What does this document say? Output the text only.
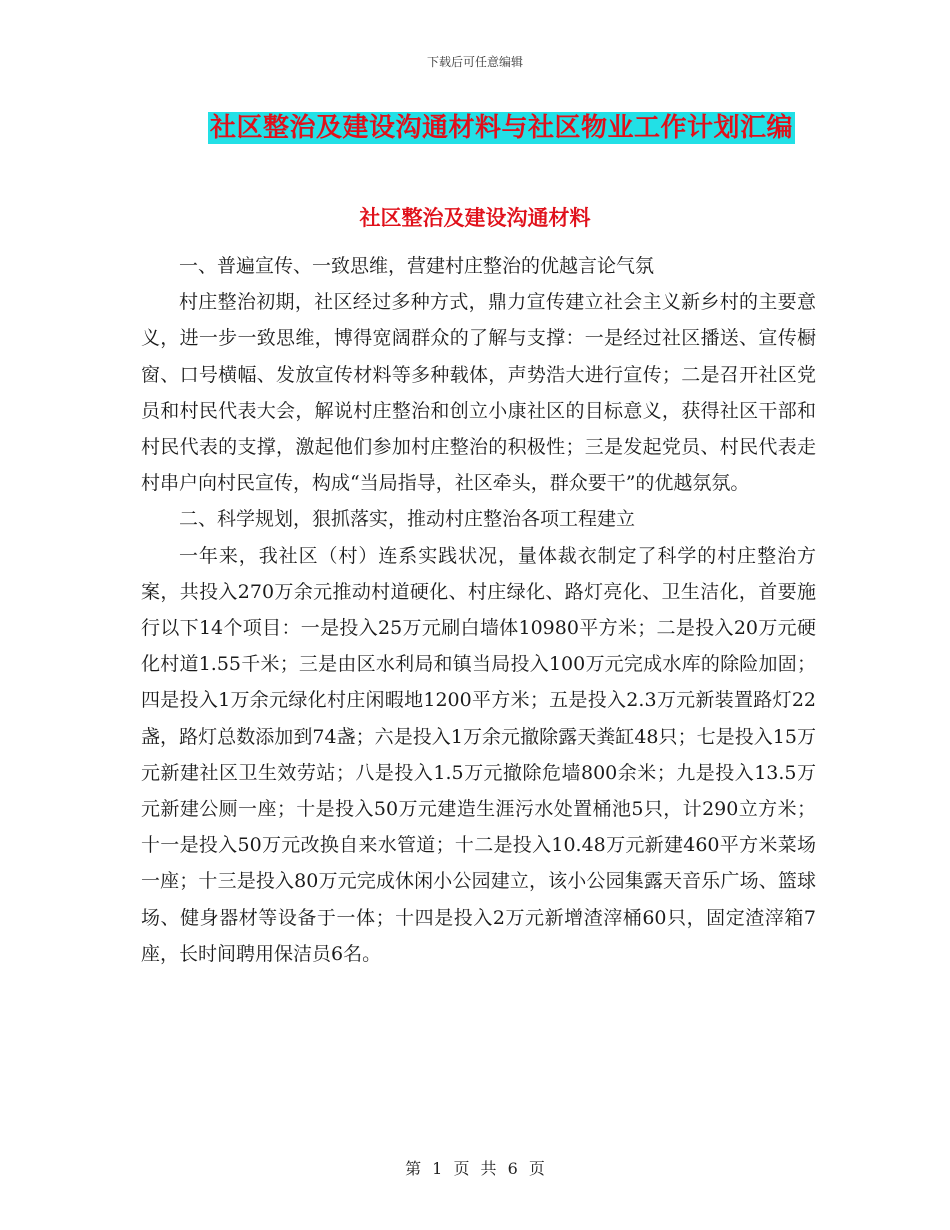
下载后可任意编辑
社区整治及建设沟通材料与社区物业工作计划汇编
社区整治及建设沟通材料

一、普遍宣传、一致思维，营建村庄整治的优越言论气氛

村庄整治初期，社区经过多种方式，鼎力宣传建立社会主义新乡村的主要意义，进一步一致思维，博得宽阔群众的了解与支撑：一是经过社区播送、宣传橱窗、口号横幅、发放宣传材料等多种载体，声势浩大进行宣传；二是召开社区党员和村民代表大会，解说村庄整治和创立小康社区的目标意义，获得社区干部和村民代表的支撑，激起他们参加村庄整治的积极性；三是发起党员、村民代表走村串户向村民宣传，构成“当局指导，社区牵头，群众要干”的优越氛氛。

二、科学规划，狠抓落实，推动村庄整治各项工程建立

一年来，我社区（村）连系实践状况，量体裁衣制定了科学的村庄整治方案，共投入270万余元推动村道硬化、村庄绿化、路灯亮化、卫生洁化，首要施行以下14个项目：一是投入25万元刷白墙体10980平方米；二是投入20万元硬化村道1.55千米；三是由区水利局和镇当局投入100万元完成水库的除险加固；四是投入1万余元绿化村庄闲暇地1200平方米；五是投入2.3万元新装置路灯22盏，路灯总数添加到74盏；六是投入1万余元撤除露天粪缸48只；七是投入15万元新建社区卫生效劳站；八是投入1.5万元撤除危墙800余米；九是投入13.5万元新建公厕一座；十是投入50万元建造生涯污水处置桶池5只，计290立方米；十一是投入50万元改换自来水管道；十二是投入10.48万元新建460平方米菜场一座；十三是投入80万元完成休闲小公园建立，该小公园集露天音乐广场、篮球场、健身器材等设备于一体；十四是投入2万元新增渣滓桶60只，固定渣滓箱7座，长时间聘用保洁员6名。

第 1 页 共 6 页
